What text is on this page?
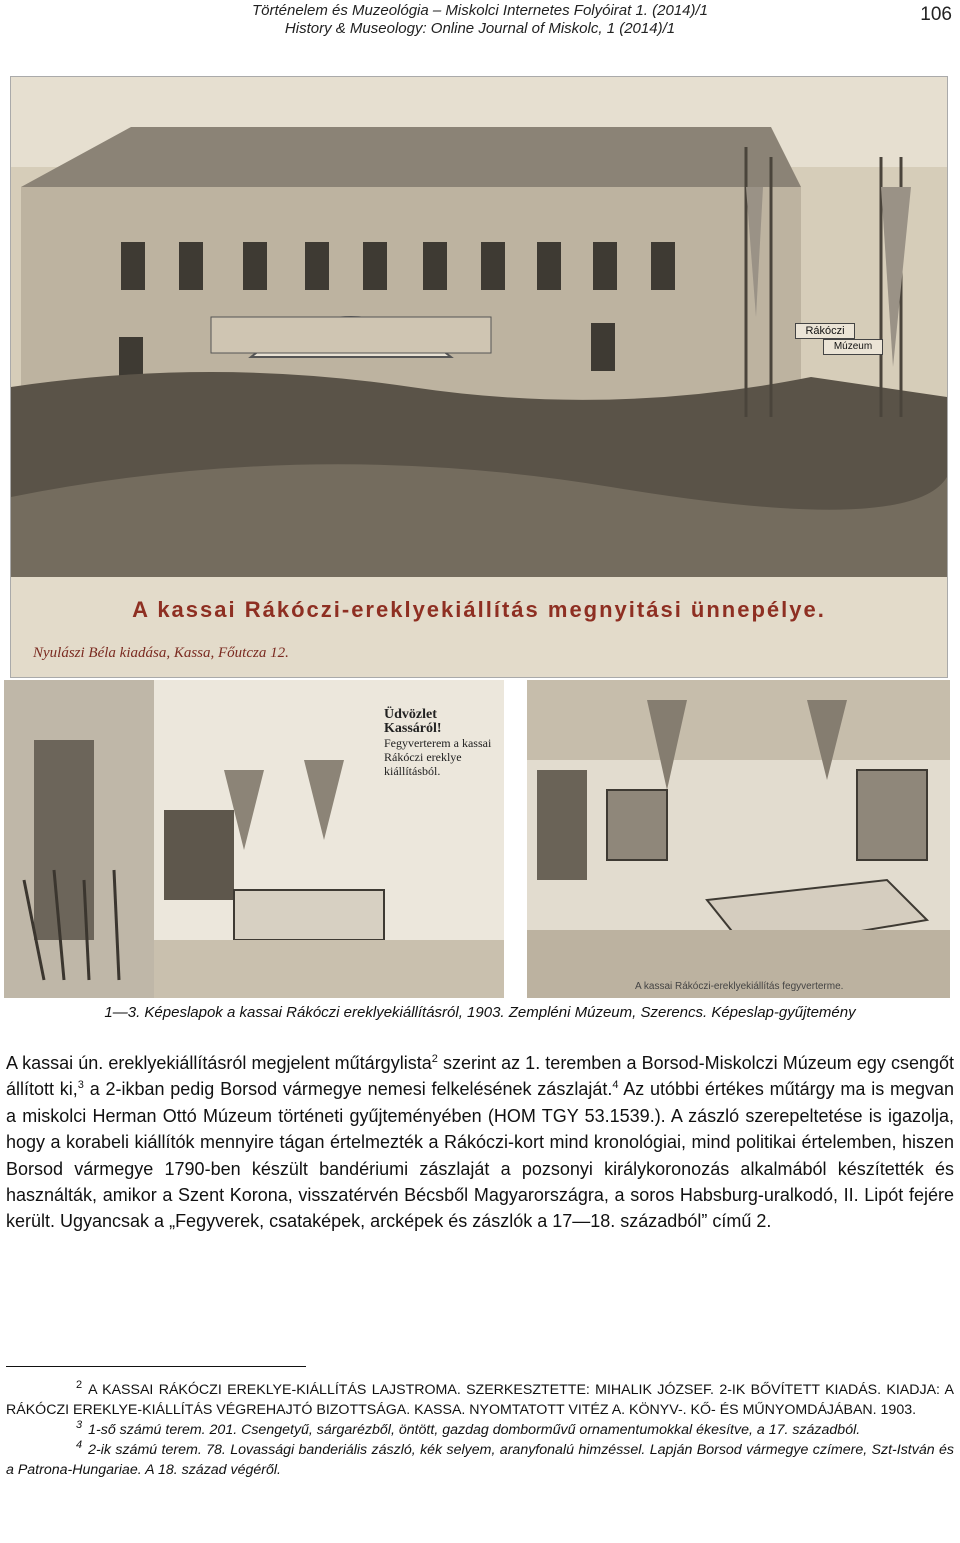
Történelem és Muzeológia – Miskolci Internetes Folyóirat 1. (2014)/1
History & Museology: Online Journal of Miskolc, 1 (2014)/1
106
Rákóczi
Múzeum
A kassai Rákóczi-ereklyekiállítás megnyitási ünnepélye.
Nyulászi Béla kiadása, Kassa, Főutcza 12.
Üdvözlet Kassáról!
Fegyverterem a kassai Rákóczi ereklye kiállításból.
A kassai Rákóczi-ereklyekiállítás fegyverterme.
1—3. Képeslapok a kassai Rákóczi ereklyekiállításról, 1903. Zempléni Múzeum, Szerencs. Képeslap-gyűjtemény

A kassai ún. ereklyekiállításról megjelent műtárgylista$^2$ szerint az 1. teremben a Borsod-Miskolczi Múzeum egy csengőt állított ki,$^3$ a 2-ikban pedig Borsod vármegye nemesi felkelésének zászlaját.$^4$ Az utóbbi értékes műtárgy ma is megvan a miskolci Herman Ottó Múzeum történeti gyűjteményében (HOM TGY 53.1539.). A zászló szerepeltetése is igazolja, hogy a korabeli kiállítók mennyire tágan értelmezték a Rákóczi-kort mind kronológiai, mind politikai értelemben, hiszen Borsod vármegye 1790-ben készült bandériumi zászlaját a pozsonyi királykoronozás alkalmából készítették és használták, amikor a Szent Korona, visszatérvén Bécsből Magyarországra, a soros Habsburg-uralkodó, II. Lipót fejére került. Ugyancsak a „Fegyverek, csataképek, arcképek és zászlók a 17—18. századból” című 2.

$^2$ A KASSAI RÁKÓCZI EREKLYE-KIÁLLÍTÁS LAJSTROMA. SZERKESZTETTE: MIHALIK JÓZSEF. 2-IK BŐVÍTETT KIADÁS. KIADJA: A RÁKÓCZI EREKLYE-KIÁLLÍTÁS VÉGREHAJTÓ BIZOTTSÁGA. KASSA. NYOMTATOTT VITÉZ A. KÖNYV-. KŐ- ÉS MŰNYOMDÁJÁBAN. 1903.

$^3$ 1-ső számú terem. 201. Csengetyű, sárgarézből, öntött, gazdag domborművű ornamentumokkal ékesítve, a 17. századból.

$^4$ 2-ik számú terem. 78. Lovassági banderiális zászló, kék selyem, aranyfonalú himzéssel. Lapján Borsod vármegye czímere, Szt-István és a Patrona-Hungariae. A 18. század végéről.
